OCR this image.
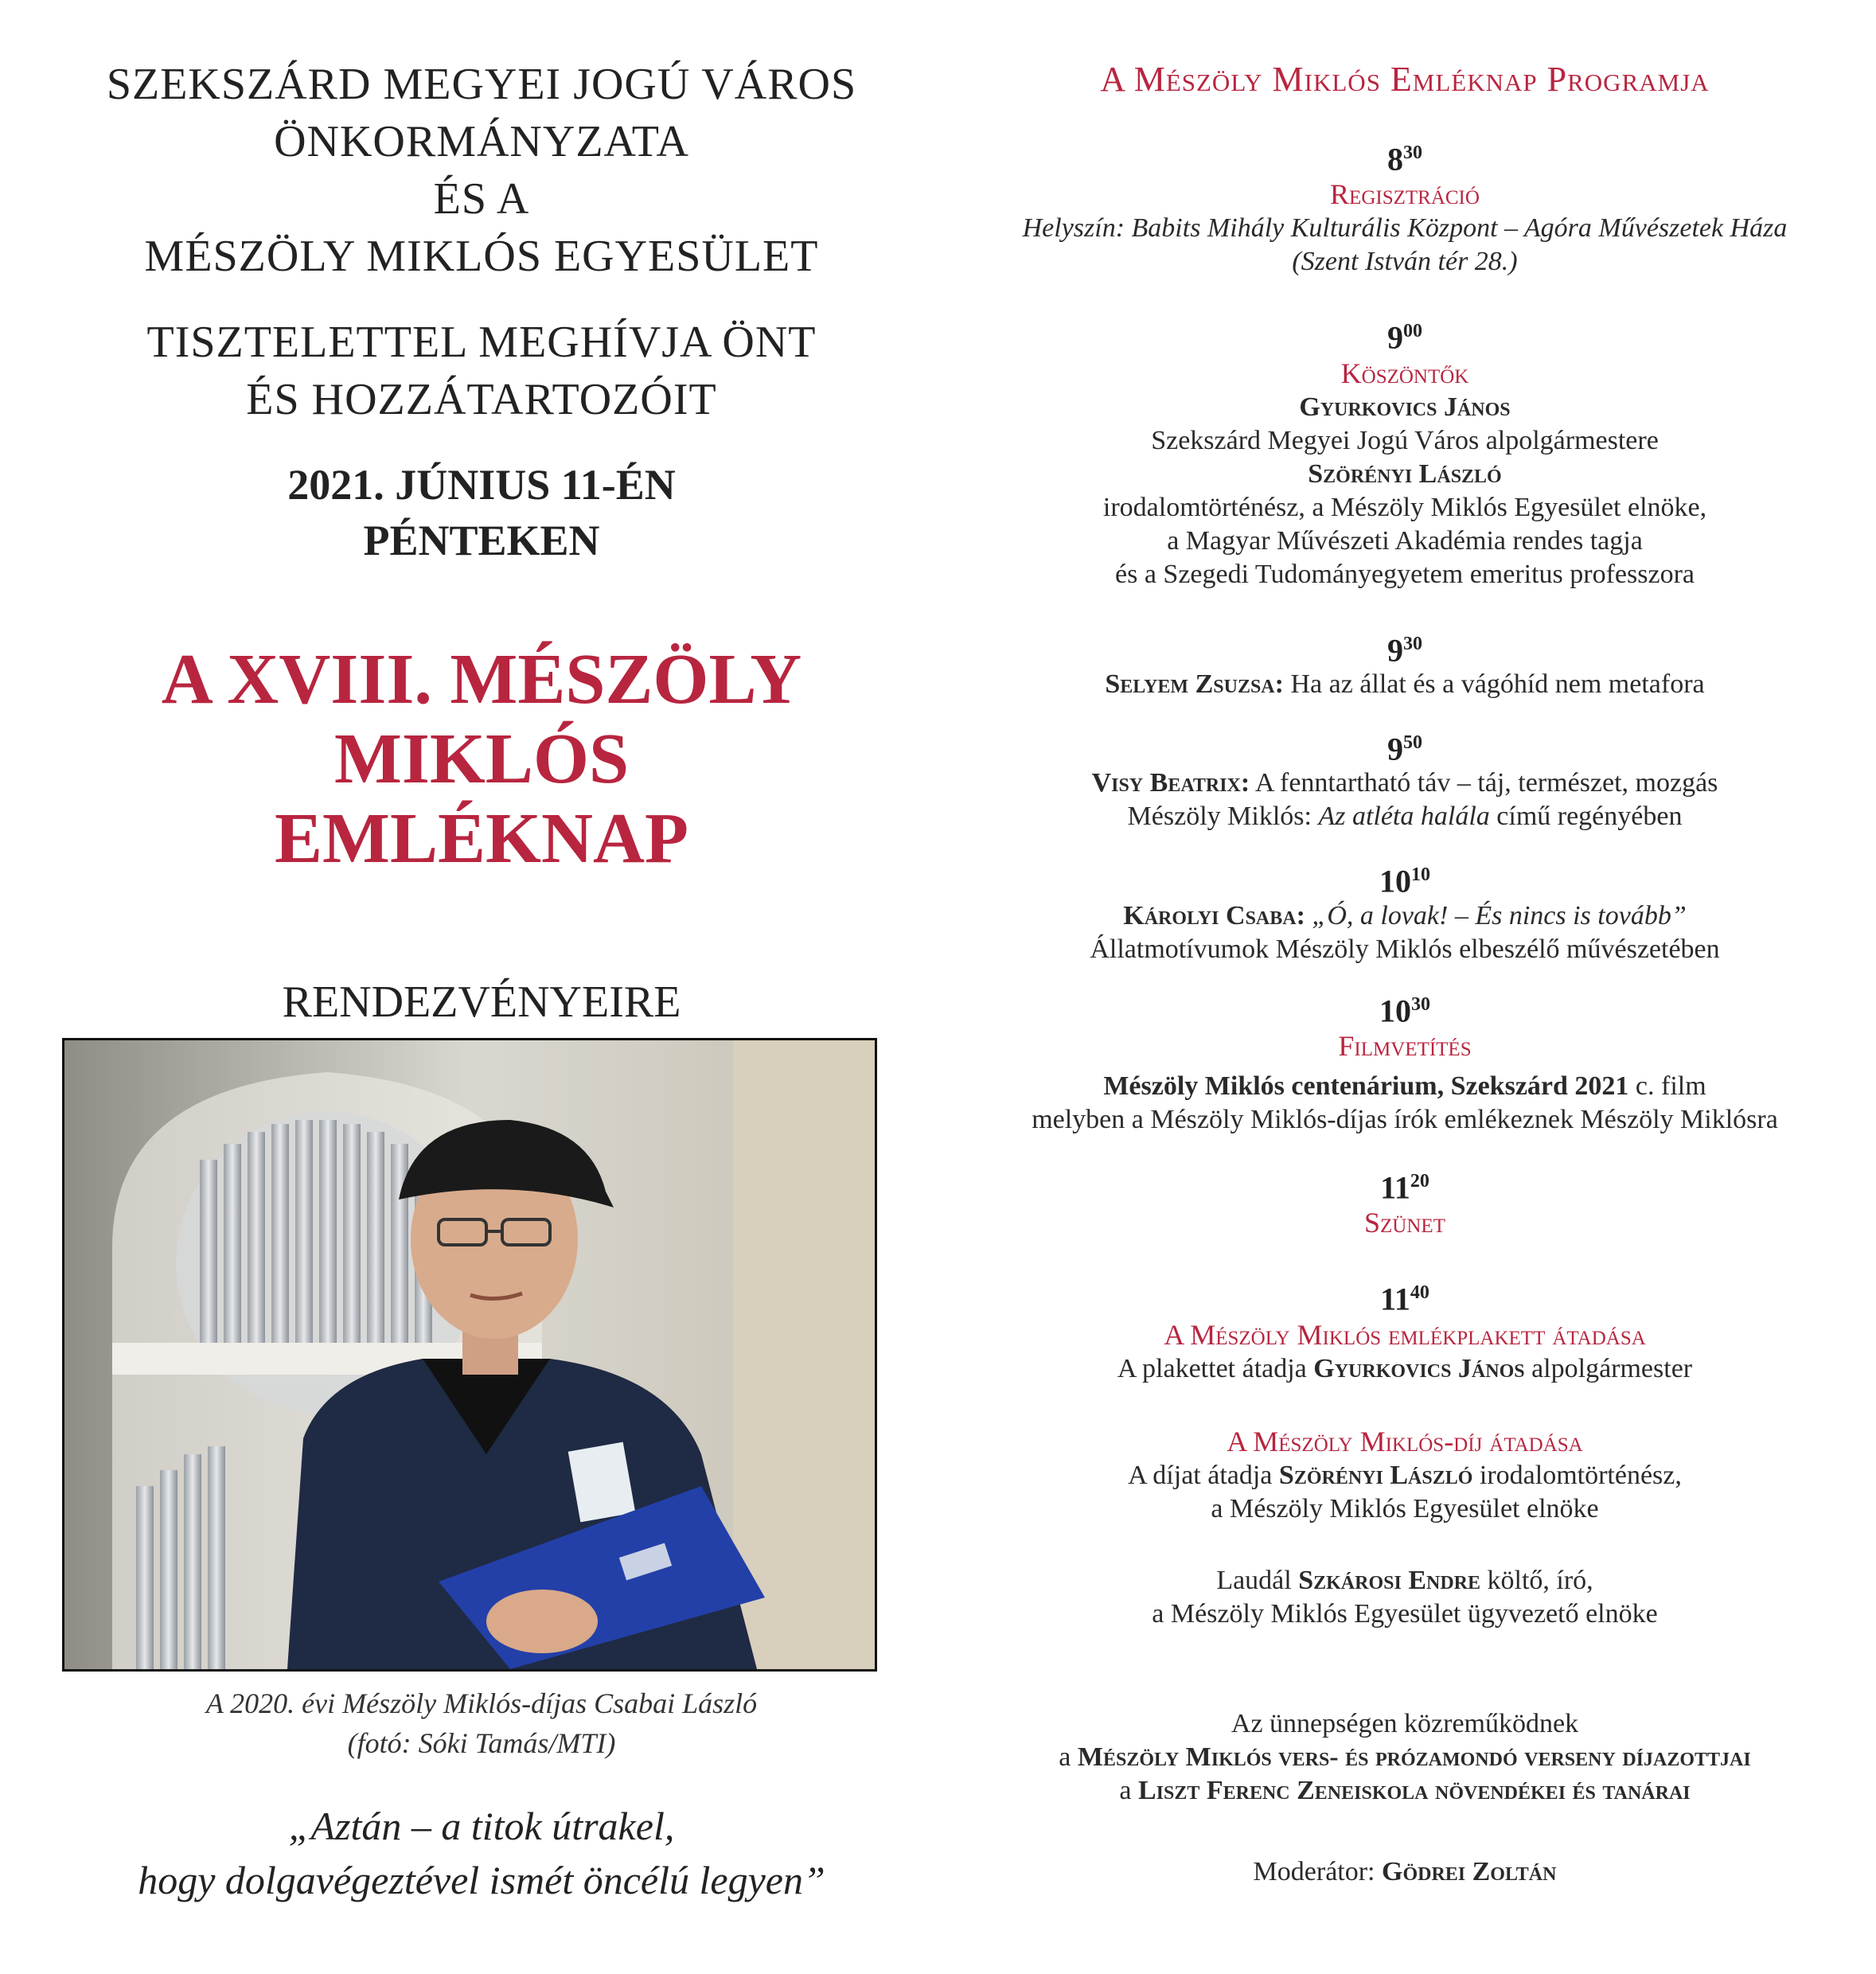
SZEKSZÁRD MEGYEI JOGÚ VÁROS
ÖNKORMÁNYZATA
ÉS A
MÉSZÖLY MIKLÓS EGYESÜLET
TISZTELETTEL MEGHÍVJA ÖNT
ÉS HOZZÁTARTOZÓIT
2021. JÚNIUS 11-ÉN
PÉNTEKEN
A XVIII. MÉSZÖLY MIKLÓS
EMLÉKNAP
RENDEZVÉNYEIRE
A 2020. évi Mészöly Miklós-díjas Csabai László
(fotó: Sóki Tamás/MTI)
„Aztán – a titok útrakel,
hogy dolgavégeztével ismét öncélú legyen”
A Mészöly Miklós Emléknap Programja
$8^{30}$
Regisztráció
Helyszín: Babits Mihály Kulturális Központ – Agóra Művészetek Háza
(Szent István tér 28.)
$9^{00}$
Köszöntők
Gyurkovics János
Szekszárd Megyei Jogú Város alpolgármestere
Szörényi László
irodalomtörténész, a Mészöly Miklós Egyesület elnöke,
a Magyar Művészeti Akadémia rendes tagja
és a Szegedi Tudományegyetem emeritus professzora
$9^{30}$
Selyem Zsuzsa: Ha az állat és a vágóhíd nem metafora
$9^{50}$
Visy Beatrix: A fenntartható táv – táj, természet, mozgás
Mészöly Miklós: Az atléta halála című regényében
$10^{10}$
Károlyi Csaba: „Ó, a lovak! – És nincs is tovább”
Állatmotívumok Mészöly Miklós elbeszélő művészetében
$10^{30}$
Filmvetítés
Mészöly Miklós centenárium, Szekszárd 2021 c. film
melyben a Mészöly Miklós-díjas írók emlékeznek Mészöly Miklósra
$11^{20}$
Szünet
$11^{40}$
A Mészöly Miklós emlékplakett átadása
A plakettet átadja Gyurkovics János alpolgármester
A Mészöly Miklós-díj átadása
A díjat átadja Szörényi László irodalomtörténész,
a Mészöly Miklós Egyesület elnöke
Laudál Szkárosi Endre költő, író,
a Mészöly Miklós Egyesület ügyvezető elnöke
Az ünnepségen közreműködnek
a Mészöly Miklós vers- és prózamondó verseny díjazottjai
a Liszt Ferenc Zeneiskola növendékei és tanárai
Moderátor: Gödrei Zoltán
